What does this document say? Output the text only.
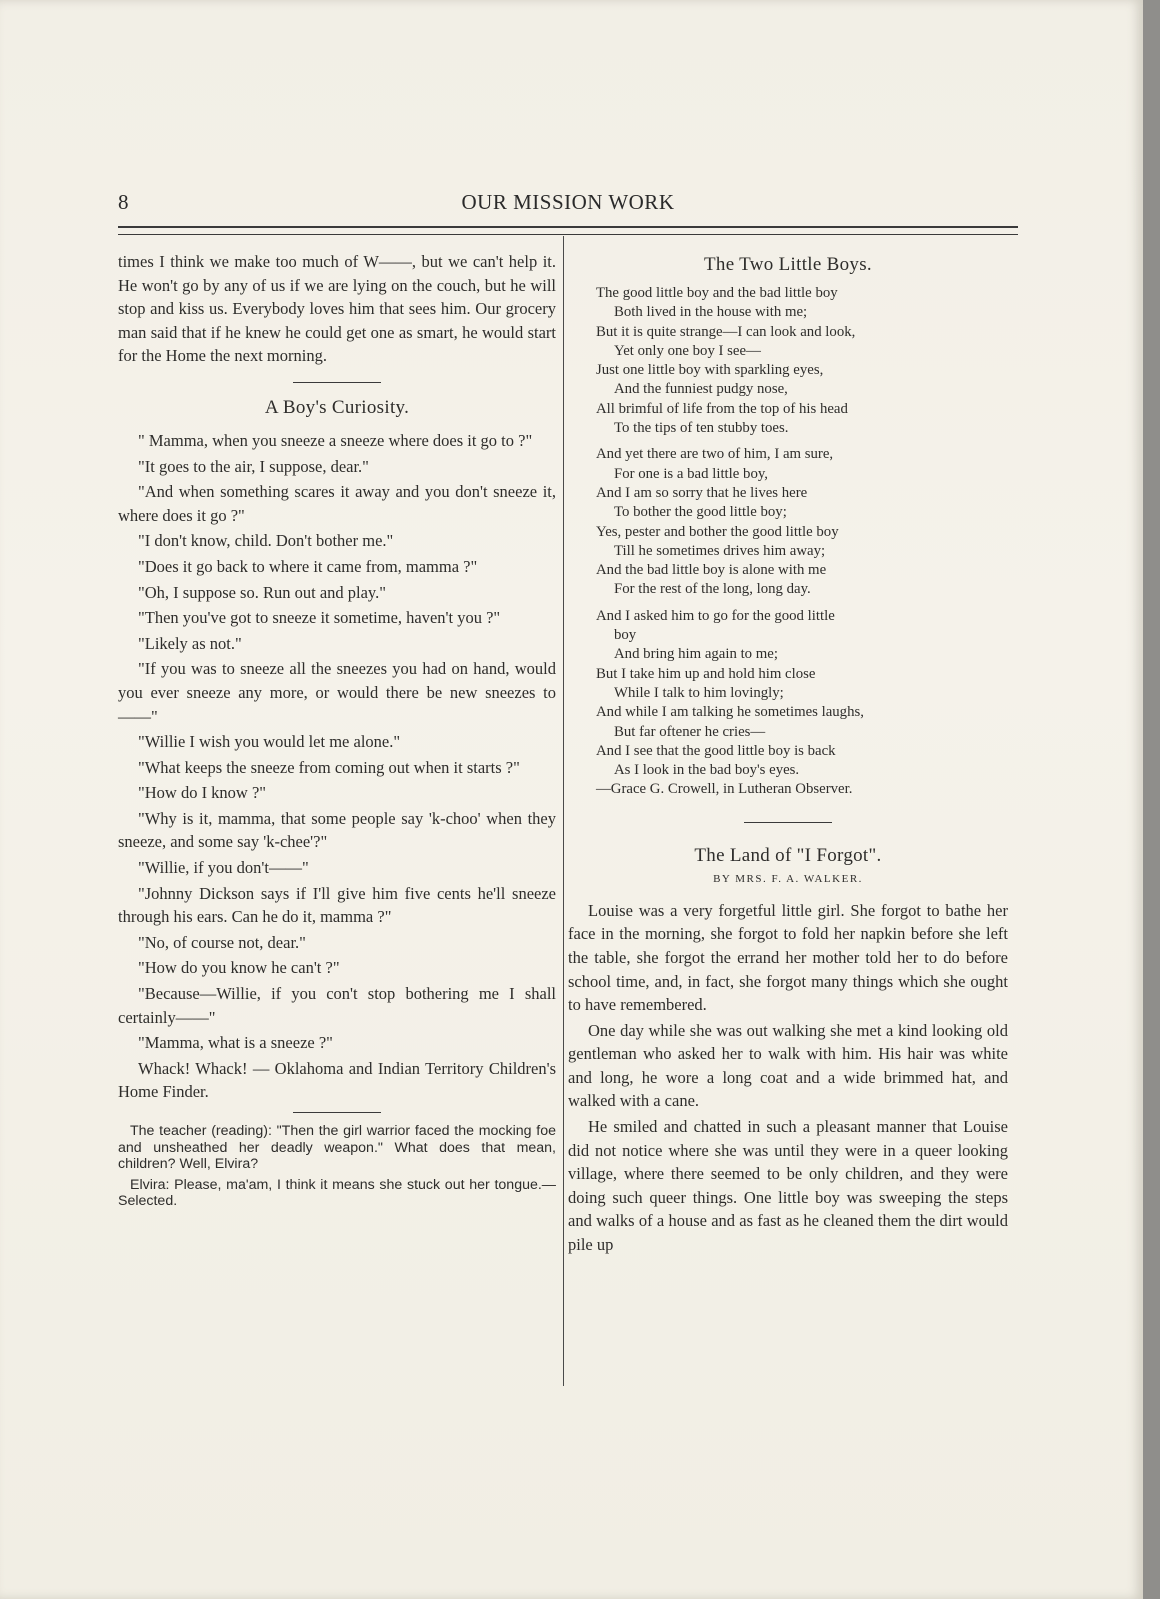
OUR MISSION WORK
8

times I think we make too much of W——, but we can't help it. He won't go by any of us if we are lying on the couch, but he will stop and kiss us. Everybody loves him that sees him. Our grocery man said that if he knew he could get one as smart, he would start for the Home the next morning.

A Boy's Curiosity.

" Mamma, when you sneeze a sneeze where does it go to ?"

"It goes to the air, I suppose, dear."

"And when something scares it away and you don't sneeze it, where does it go ?"

"I don't know, child. Don't bother me."

"Does it go back to where it came from, mamma ?"

"Oh, I suppose so. Run out and play."

"Then you've got to sneeze it sometime, haven't you ?"

"Likely as not."

"If you was to sneeze all the sneezes you had on hand, would you ever sneeze any more, or would there be new sneezes to——"

"Willie I wish you would let me alone."

"What keeps the sneeze from coming out when it starts ?"

"How do I know ?"

"Why is it, mamma, that some people say 'k-choo' when they sneeze, and some say 'k-chee'?"

"Willie, if you don't——"

"Johnny Dickson says if I'll give him five cents he'll sneeze through his ears. Can he do it, mamma ?"

"No, of course not, dear."

"How do you know he can't ?"

"Because—Willie, if you con't stop bothering me I shall certainly——"

"Mamma, what is a sneeze ?"

Whack! Whack! — Oklahoma and Indian Territory Children's Home Finder.

The teacher (reading): "Then the girl warrior faced the mocking foe and unsheathed her deadly weapon." What does that mean, children? Well, Elvira?

Elvira: Please, ma'am, I think it means she stuck out her tongue.—Selected.

The Two Little Boys.

The good little boy and the bad little boy

Both lived in the house with me;

But it is quite strange—I can look and look,

Yet only one boy I see—

Just one little boy with sparkling eyes,

And the funniest pudgy nose,

All brimful of life from the top of his head

To the tips of ten stubby toes.

And yet there are two of him, I am sure,

For one is a bad little boy,

And I am so sorry that he lives here

To bother the good little boy;

Yes, pester and bother the good little boy

Till he sometimes drives him away;

And the bad little boy is alone with me

For the rest of the long, long day.

And I asked him to go for the good little

boy

And bring him again to me;

But I take him up and hold him close

While I talk to him lovingly;

And while I am talking he sometimes laughs,

But far oftener he cries—

And I see that the good little boy is back

As I look in the bad boy's eyes.

—Grace G. Crowell, in Lutheran Observer.

The Land of "I Forgot".
BY MRS. F. A. WALKER.

Louise was a very forgetful little girl. She forgot to bathe her face in the morning, she forgot to fold her napkin before she left the table, she forgot the errand her mother told her to do before school time, and, in fact, she forgot many things which she ought to have remembered.

One day while she was out walking she met a kind looking old gentleman who asked her to walk with him. His hair was white and long, he wore a long coat and a wide brimmed hat, and walked with a cane.

He smiled and chatted in such a pleasant manner that Louise did not notice where she was until they were in a queer looking village, where there seemed to be only children, and they were doing such queer things. One little boy was sweeping the steps and walks of a house and as fast as he cleaned them the dirt would pile up
